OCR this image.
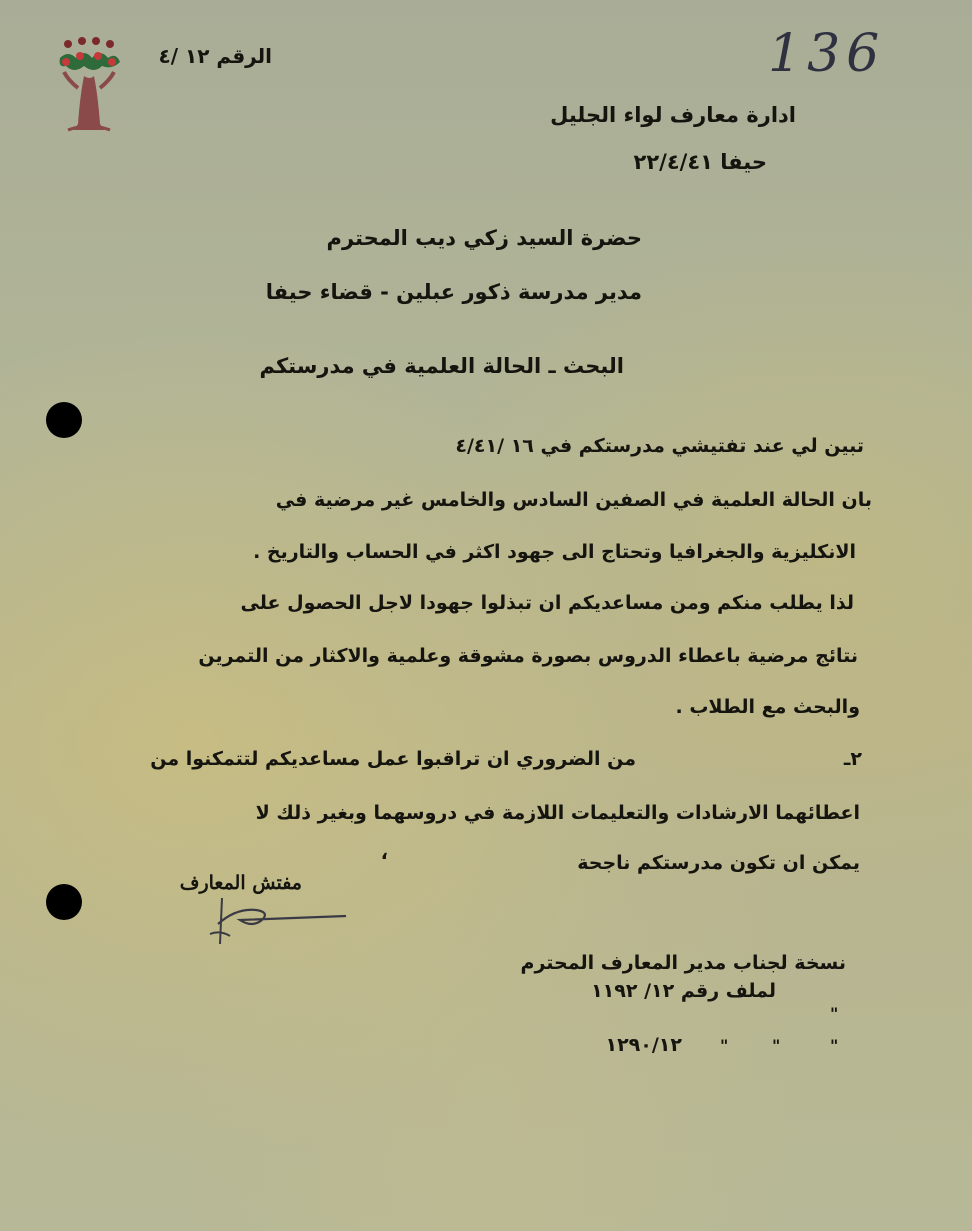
الرقم ١٢ /٤	136
ادارة معارف لواء الجليل
حيفا ٢٢/٤/٤١
حضرة السيد زكي ديب المحترم
مدير مدرسة ذكور عبلين - قضاء حيفا
البحث ـ الحالة العلمية في مدرستكم
تبين لي عند تفتيشي مدرستكم في ١٦ /٤/٤١
بان الحالة العلمية في الصفين السادس والخامس غير مرضية في
الانكليزية والجغرافيا وتحتاج الى جهود اكثر في الحساب والتاريخ .
لذا يطلب منكم ومن مساعديكم ان تبذلوا جهودا لاجل الحصول على
نتائج مرضية باعطاء الدروس بصورة مشوقة وعلمية والاكثار من التمرين
والبحث مع الطلاب .
٢ـ
من الضروري ان تراقبوا عمل مساعديكم لتتمكنوا من
اعطائهما الارشادات والتعليمات اللازمة في دروسهما وبغير ذلك لا
يمكن ان تكون مدرستكم ناجحة
،
مفتش المعارف
نسخة لجناب مدير المعارف المحترم
لملف رقم ١٢/ ١١٩٢
"
١٢٩٠/١٢ "	"	"
